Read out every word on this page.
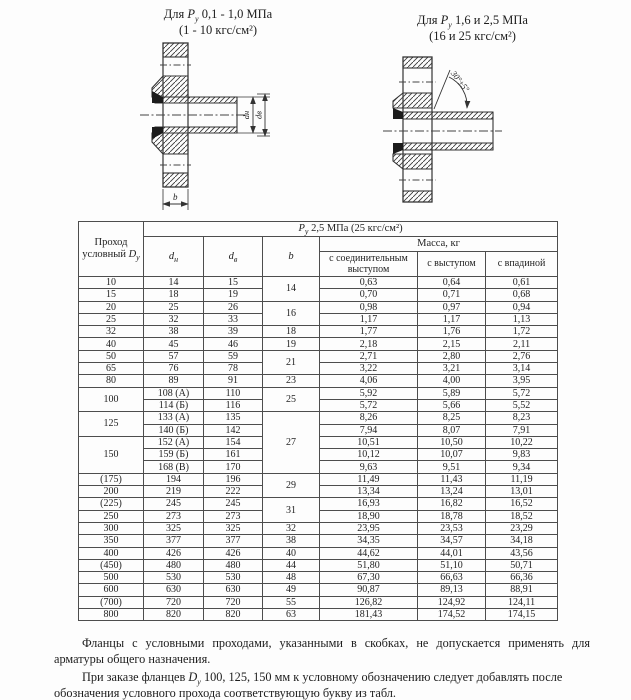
Для $P_у$ 0,1 - 1,0 МПа
(1 - 10 кгс/см²)
Для $P_у$ 1,6 и 2,5 МПа
(16 и 25 кгс/см²)
dн dв
b
30°±5°
Проход
условный $D_у$	$P_у$ 2,5 МПа (25 кгс/см²)					
	$d_н$	$d_в$	b	Масса, кг		
				с соединительным выступом	с выступом	с впадиной
10	14	15	14	0,63	0,64	0,61
15	18	19		0,70	0,71	0,68
20	25	26	16	0,98	0,97	0,94
25	32	33		1,17	1,17	1,13
32	38	39	18	1,77	1,76	1,72
40	45	46	19	2,18	2,15	2,11
50	57	59	21	2,71	2,80	2,76
65	76	78		3,22	3,21	3,14
80	89	91	23	4,06	4,00	3,95
100	108 (А)	110	25	5,92	5,89	5,72
	114 (Б)	116		5,72	5,66	5,52
125	133 (А)	135	27	8,26	8,25	8,23
	140 (Б)	142		7,94	8,07	7,91
150	152 (А)	154		10,51	10,50	10,22
	159 (Б)	161		10,12	10,07	9,83
	168 (В)	170		9,63	9,51	9,34
(175)	194	196	29	11,49	11,43	11,19
200	219	222		13,34	13,24	13,01
(225)	245	245	31	16,93	16,82	16,52
250	273	273		18,90	18,78	18,52
300	325	325	32	23,95	23,53	23,29
350	377	377	38	34,35	34,57	34,18
400	426	426	40	44,62	44,01	43,56
(450)	480	480	44	51,80	51,10	50,71
500	530	530	48	67,30	66,63	66,36
600	630	630	49	90,87	89,13	88,91
(700)	720	720	55	126,82	124,92	124,11
800	820	820	63	181,43	174,52	174,15

Фланцы с условными проходами, указанными в скобках, не допускается применять для арматуры общего назначения.

При заказе фланцев $D_у$ 100, 125, 150 мм к условному обозначению следует добавлять после обозначения условного прохода соответствующую букву из табл.
